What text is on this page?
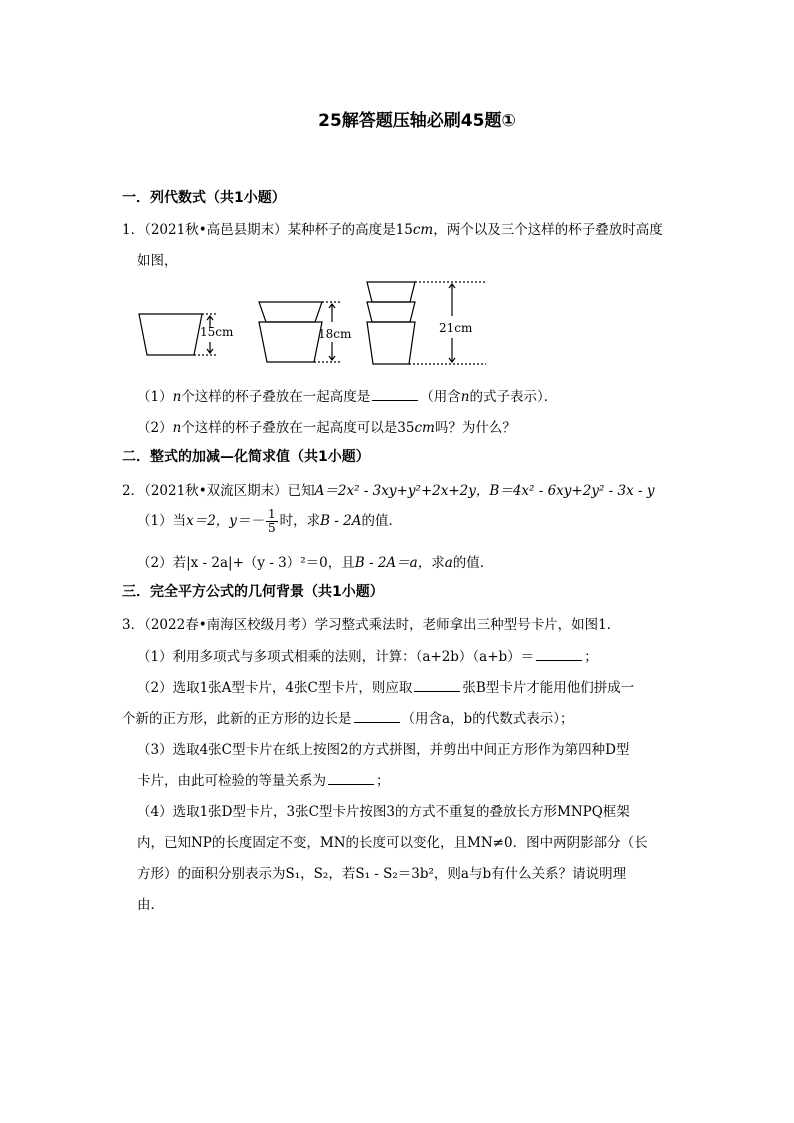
25解答题压轴必刷45题①
一．列代数式（共1小题）
1．（2021秋•高邑县期末）某种杯子的高度是15cm，两个以及三个这样的杯子叠放时高度
如图，
15cm	18cm	21cm
（1）n个这样的杯子叠放在一起高度是	（用含n的式子表示）．
（2）n个这样的杯子叠放在一起高度可以是35cm吗？为什么？
二．整式的加减—化简求值（共1小题）
2．（2021秋•双流区期末）已知A＝2x² - 3xy+y²+2x+2y，B＝4x² - 6xy+2y² - 3x - y
（1）当x＝2，$y=- \frac{1}{5}$ 时，求B - 2A的值．
（2）若|x - 2a|+（y - 3）²＝0，且B - 2A＝a，求a的值．
三．完全平方公式的几何背景（共1小题）
3．（2022春•南海区校级月考）学习整式乘法时，老师拿出三种型号卡片，如图1．
（1）利用多项式与多项式相乘的法则，计算：（a+2b）（a+b）＝	；
（2）选取1张A型卡片，4张C型卡片，则应取	张B型卡片才能用他们拼成一
个新的正方形，此新的正方形的边长是	（用含a，b的代数式表示）；
（3）选取4张C型卡片在纸上按图2的方式拼图，并剪出中间正方形作为第四种D型
卡片，由此可检验的等量关系为	；
（4）选取1张D型卡片，3张C型卡片按图3的方式不重复的叠放长方形MNPQ框架
内，已知NP的长度固定不变，MN的长度可以变化，且MN≠0．图中两阴影部分（长
方形）的面积分别表示为S₁，S₂，若S₁ - S₂＝3b²，则a与b有什么关系？请说明理
由．
